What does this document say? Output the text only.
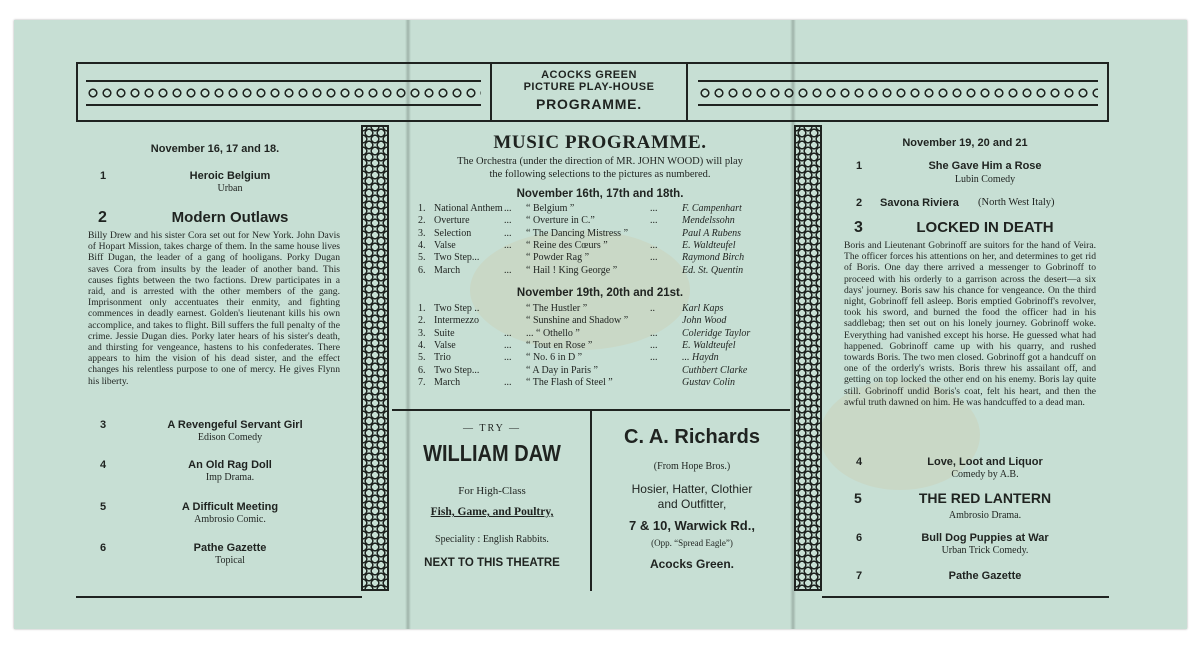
ACOCKS GREEN
PICTURE PLAY-HOUSE
PROGRAMME.
November 16, 17 and 18.
1	Heroic Belgium
Urban
2	Modern Outlaws
Billy Drew and his sister Cora set out for New York. John Davis of Hopart Mission, takes charge of them. In the same house lives Biff Dugan, the leader of a gang of hooligans. Porky Dugan saves Cora from insults by the leader of another band. This causes fights between the two factions. Drew participates in a raid, and is arrested with the other members of the gang. Imprisonment only accentuates their enmity, and fighting commences in deadly earnest. Golden's lieutenant kills his own accomplice, and takes to flight. Bill suffers the full penalty of the crime. Jessie Dugan dies. Porky later hears of his sister's death, and thirsting for vengeance, hastens to his confederates. There appears to him the vision of his dead sister, and the effect changes his relentless purpose to one of mercy. He gives Flynn his liberty.
3	A Revengeful Servant Girl
Edison Comedy
4	An Old Rag Doll
Imp Drama.
5	A Difficult Meeting
Ambrosio Comic.
6	Pathe Gazette
Topical
MUSIC PROGRAMME.
The Orchestra (under the direction of MR. JOHN WOOD) will play
the following selections to the pictures as numbered.
November 16th, 17th and 18th.
1. National Anthem ... “ Belgium ”	... F. Campenhart
2. Overture	... “ Overture in C.”	... Mendelssohn
3. Selection	... “ The Dancing Mistress ”	Paul A Rubens
4. Valse	... “ Reine des Cœurs ”	... E. Waldteufel
5. Two Step...	“ Powder Rag ”	... Raymond Birch
6. March	... “ Hail ! King George ”	Ed. St. Quentin
November 19th, 20th and 21st.
1. Two Step ..	“ The Hustler ”	..	Karl Kaps
2. Intermezzo	“ Sunshine and Shadow ”	John Wood
3. Suite	... ... “ Othello ”	... Coleridge Taylor
4. Valse	... “ Tout en Rose ”	... E. Waldteufel
5. Trio	... “ No. 6 in D ”	... ... Haydn
6. Two Step...	“ A Day in Paris ”	Cuthbert Clarke
7. March	... “ The Flash of Steel ”	Gustav Colin
— TRY —
WILLIAM DAW
For High-Class
Fish, Game, and Poultry,
Speciality : English Rabbits.
NEXT TO THIS THEATRE
C. A. Richards
(From Hope Bros.)
Hosier, Hatter, Clothier
and Outfitter,
7 & 10, Warwick Rd.,
(Opp. “Spread Eagle”)
Acocks Green.
November 19, 20 and 21
1	She Gave Him a Rose
Lubin Comedy
2 Savona Riviera	(North West Italy)
3	LOCKED IN DEATH
Boris and Lieutenant Gobrinoff are suitors for the hand of Veira. The officer forces his attentions on her, and determines to get rid of Boris. One day there arrived a messenger to Gobrinoff to proceed with his orderly to a garrison across the desert—a six days' journey. Boris saw his chance for vengeance. On the third night, Gobrinoff fell asleep. Boris emptied Gobrinoff's revolver, took his sword, and burned the food the officer had in his saddlebag; then set out on his lonely journey. Gobrinoff woke. Everything had vanished except his horse. He guessed what had happened. Gobrinoff came up with his quarry, and rushed towards Boris. The two men closed. Gobrinoff got a handcuff on one of the orderly's wrists. Boris threw his assailant off, and getting on top locked the other end on his enemy. Boris lay quite still. Gobrinoff undid Boris's coat, felt his heart, and then the awful truth dawned on him. He was handcuffed to a dead man.
4	Love, Loot and Liquor
Comedy by A.B.
5	THE RED LANTERN
Ambrosio Drama.
6	Bull Dog Puppies at War
Urban Trick Comedy.
7	Pathe Gazette
